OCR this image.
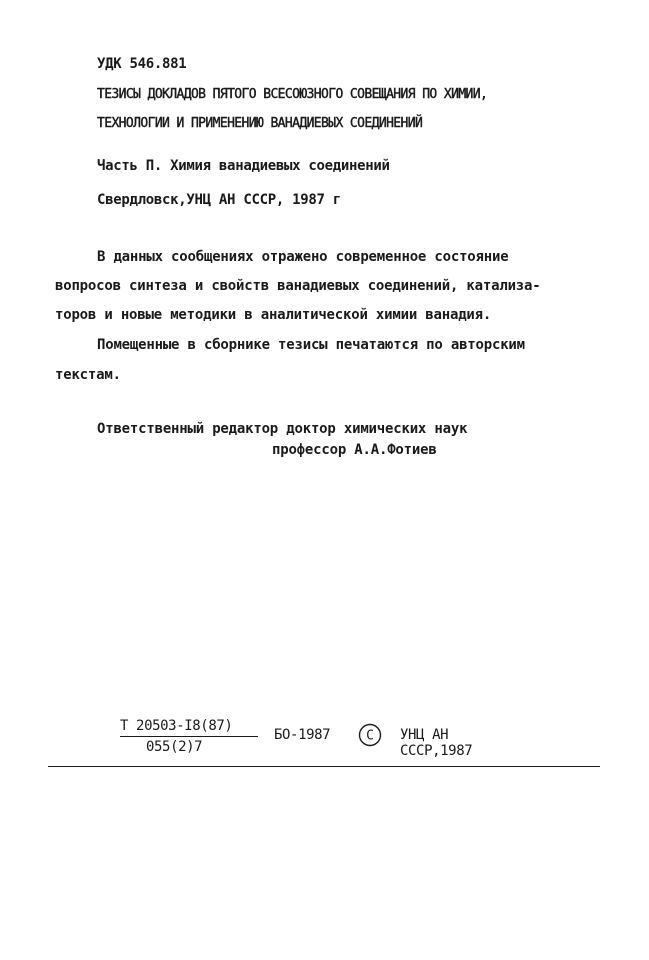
УДК 546.881
ТЕЗИСЫ ДОКЛАДОВ ПЯТОГО ВСЕСОЮЗНОГО СОВЕЩАНИЯ ПО ХИМИИ,
ТЕХНОЛОГИИ И ПРИМЕНЕНИЮ ВАНАДИЕВЫХ СОЕДИНЕНИЙ
Часть П. Химия ванадиевых соединений
Свердловск,УНЦ АН СССР, 1987 г
В данных сообщениях отражено современное состояние
вопросов синтеза и свойств ванадиевых соединений, катализа-
торов и новые методики в аналитической химии ванадия.
Помещенные в сборнике тезисы печатаются по авторским
текстам.
Ответственный редактор доктор химических наук
профессор А.А.Фотиев
Т 20503-I8(87)
055(2)7
БО-1987	С УНЦ АН СССР,1987
